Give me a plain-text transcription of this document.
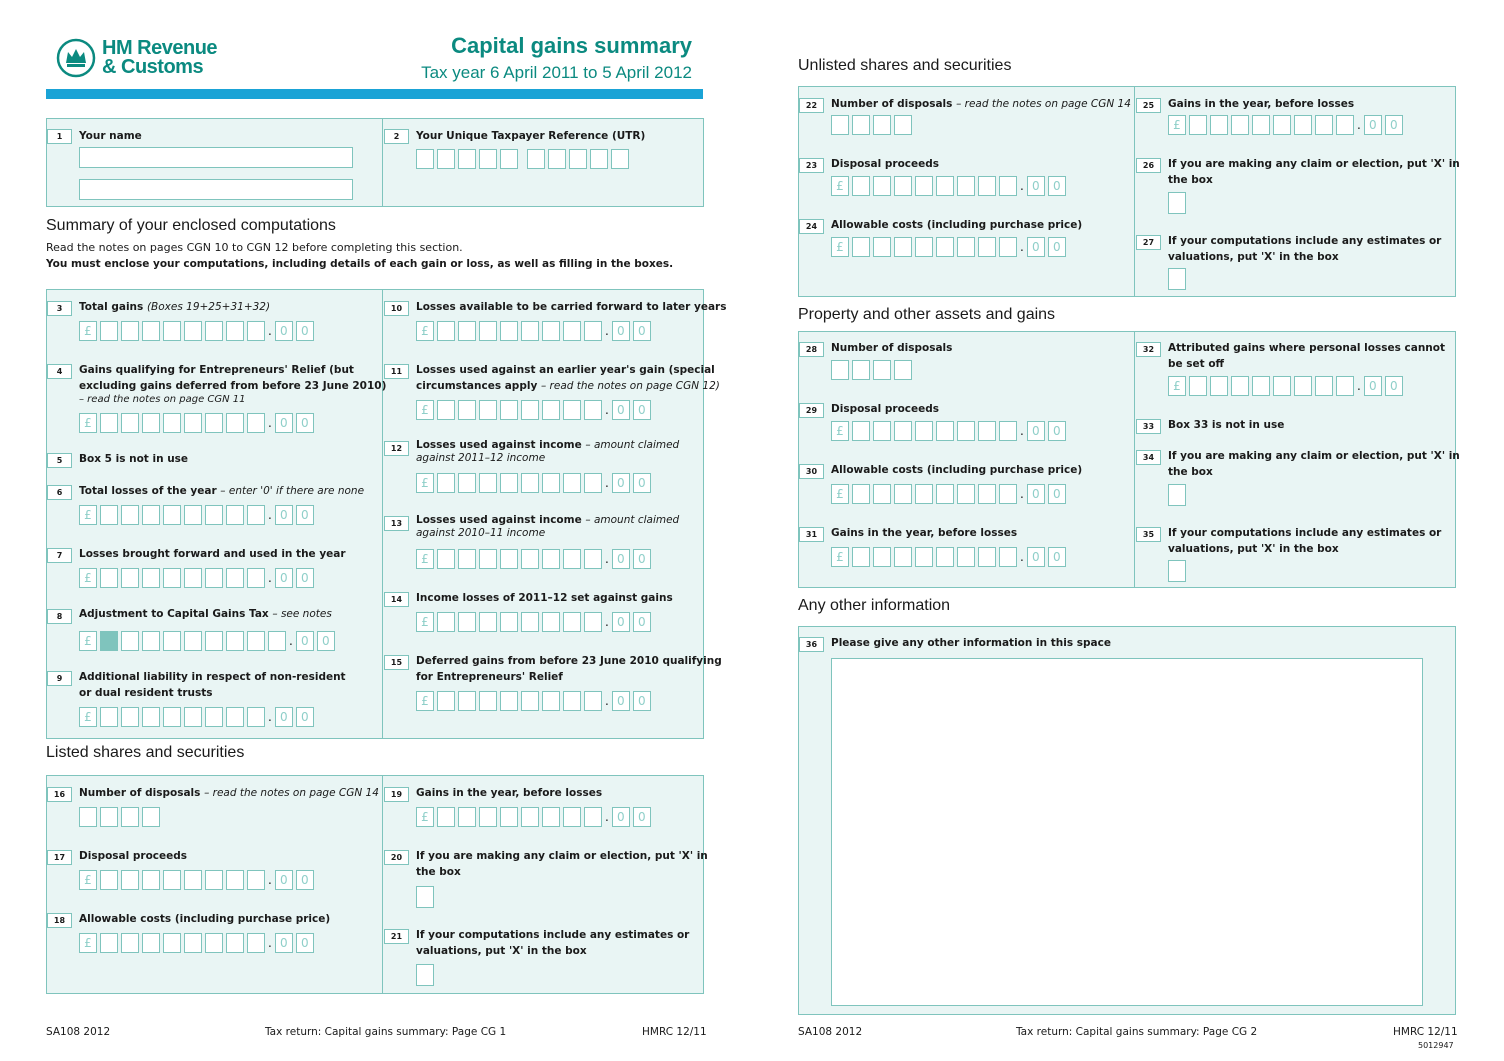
HM Revenue
& Customs
Capital gains summary
Tax year 6 April 2011 to 5 April 2012
1	Your name	2	Your Unique Taxpayer Reference (UTR)
Summary of your enclosed computations
Read the notes on pages CGN 10 to CGN 12 before completing this section.
You must enclose your computations, including details of each gain or loss, as well as filling in the boxes.
3	Total gains (Boxes 19+25+31+32)
£	. 0	0
4	Gains qualifying for Entrepreneurs' Relief (but
excluding gains deferred from before 23 June 2010)
– read the notes on page CGN 11
£	. 0	0
5	Box 5 is not in use
6	Total losses of the year – enter '0' if there are none
£	. 0	0
7	Losses brought forward and used in the year
£	. 0	0
8	Adjustment to Capital Gains Tax – see notes
£	. 0	0
9	Additional liability in respect of non-resident
or dual resident trusts
£	. 0	0
10	Losses available to be carried forward to later years
£	. 0	0
11	Losses used against an earlier year's gain (special
circumstances apply – read the notes on page CGN 12)
£	. 0	0
12	Losses used against income – amount claimed
against 2011–12 income
£	. 0	0
13	Losses used against income – amount claimed
against 2010–11 income
£	. 0	0
14	Income losses of 2011–12 set against gains
£	. 0	0
15	Deferred gains from before 23 June 2010 qualifying
for Entrepreneurs' Relief
£	. 0	0
Listed shares and securities
16	Number of disposals – read the notes on page CGN 14
17	Disposal proceeds
£	. 0	0
18	Allowable costs (including purchase price)
£	. 0	0
19	Gains in the year, before losses
£	. 0	0
20	If you are making any claim or election, put 'X' in
the box
21	If your computations include any estimates or
valuations, put 'X' in the box
Unlisted shares and securities
22	Number of disposals – read the notes on page CGN 14
23	Disposal proceeds
£	. 0	0
24	Allowable costs (including purchase price)
£	. 0	0
25	Gains in the year, before losses
£	. 0	0
26	If you are making any claim or election, put 'X' in
the box
27	If your computations include any estimates or
valuations, put 'X' in the box
Property and other assets and gains
28	Number of disposals
29	Disposal proceeds
£	. 0	0
30	Allowable costs (including purchase price)
£	. 0	0
31	Gains in the year, before losses
£	. 0	0
32	Attributed gains where personal losses cannot
be set off
£	. 0	0
33	Box 33 is not in use
34	If you are making any claim or election, put 'X' in
the box
35	If your computations include any estimates or
valuations, put 'X' in the box
Any other information
36	Please give any other information in this space
SA108 2012	Tax return: Capital gains summary: Page CG 1	HMRC 12/11	SA108 2012	Tax return: Capital gains summary: Page CG 2	HMRC 12/11
5012947
